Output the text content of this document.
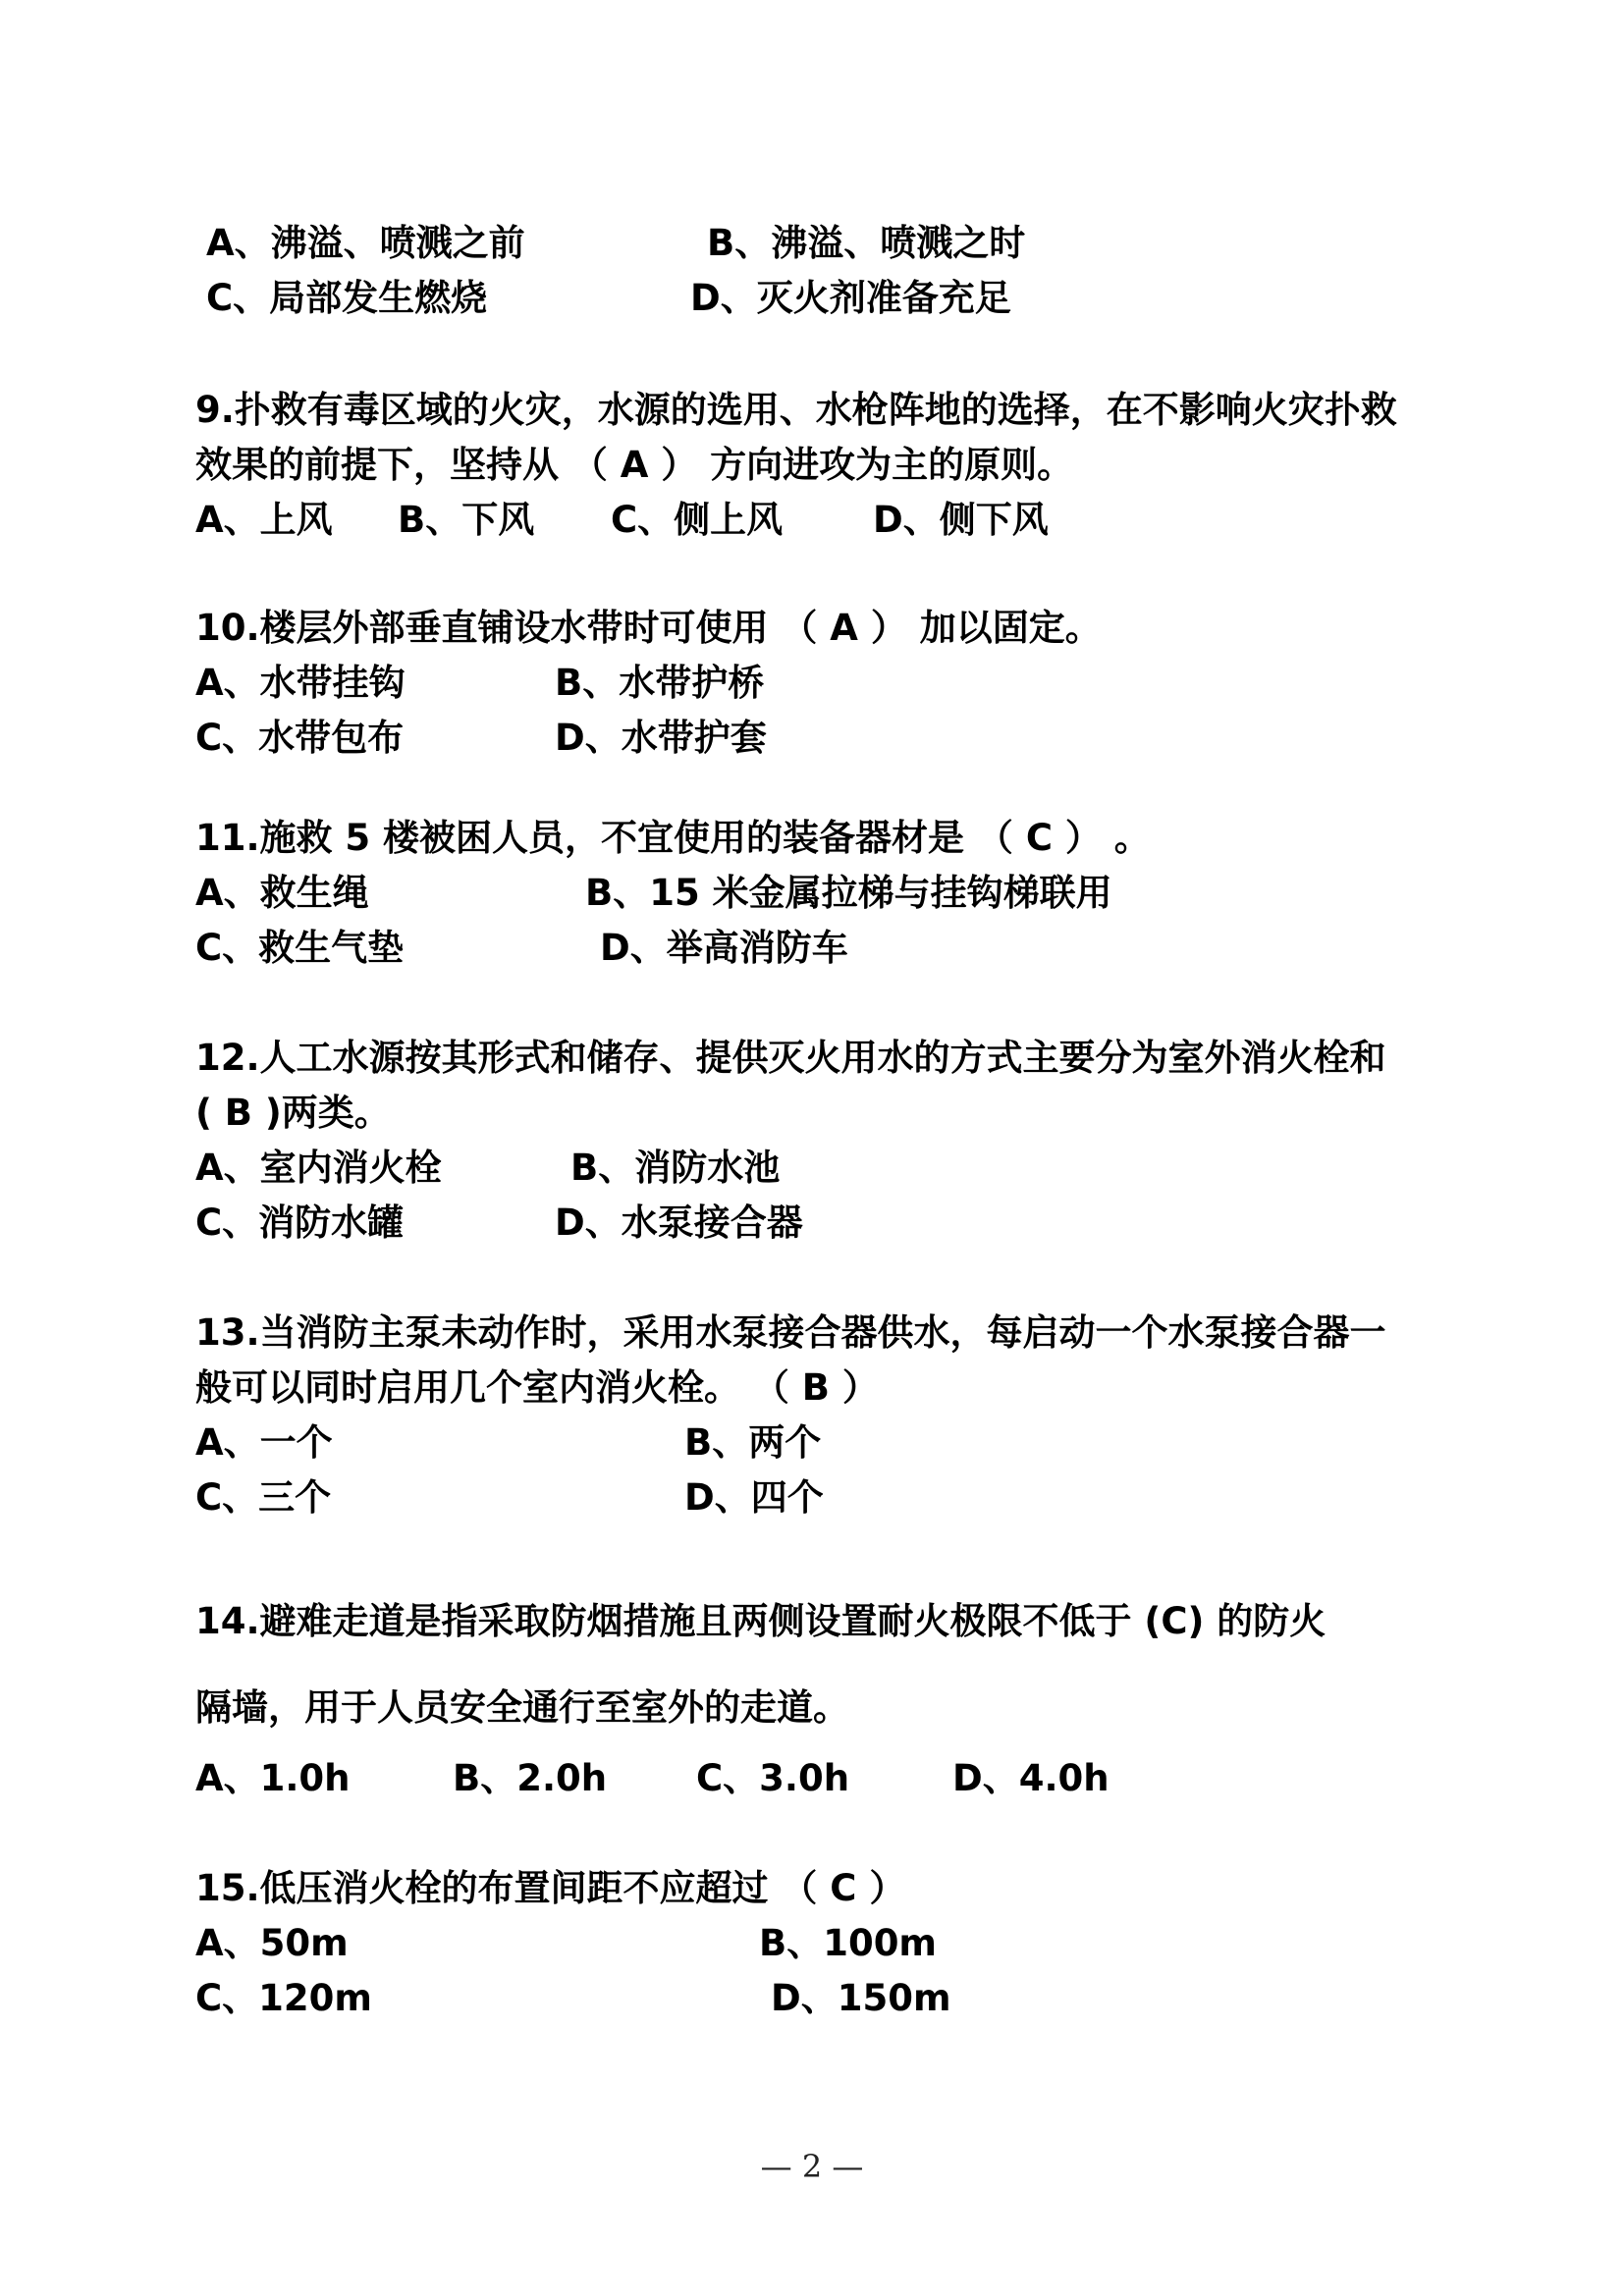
A、沸溢、喷溅之前	B、沸溢、喷溅之时
C、局部发生燃烧	D、灭火剂准备充足
9.扑救有毒区域的火灾，水源的选用、水枪阵地的选择，在不影响火灾扑救
效果的前提下，坚持从 （ A ） 方向进攻为主的原则。
A、上风 B、下风 C、侧上风 D、侧下风
10.楼层外部垂直铺设水带时可使用 （ A ） 加以固定。
A、水带挂钩	B、水带护桥
C、水带包布	D、水带护套
11.施救 5 楼被困人员，不宜使用的装备器材是 （ C ） 。
A、救生绳	B、15 米金属拉梯与挂钩梯联用
C、救生气垫	D、举高消防车
12.人工水源按其形式和储存、提供灭火用水的方式主要分为室外消火栓和
( B )两类。
A、室内消火栓	B、消防水池
C、消防水罐	D、水泵接合器
13.当消防主泵未动作时，采用水泵接合器供水，每启动一个水泵接合器一
般可以同时启用几个室内消火栓。 （ B ）
A、一个	B、两个
C、三个	D、四个
14.避难走道是指采取防烟措施且两侧设置耐火极限不低于 (C) 的防火
隔墙，用于人员安全通行至室外的走道。
A、1.0h	B、2.0h C、3.0h	D、4.0h
15.低压消火栓的布置间距不应超过 （ C ）
A、50m	B、100m
C、120m	D、150m
— 2 —
